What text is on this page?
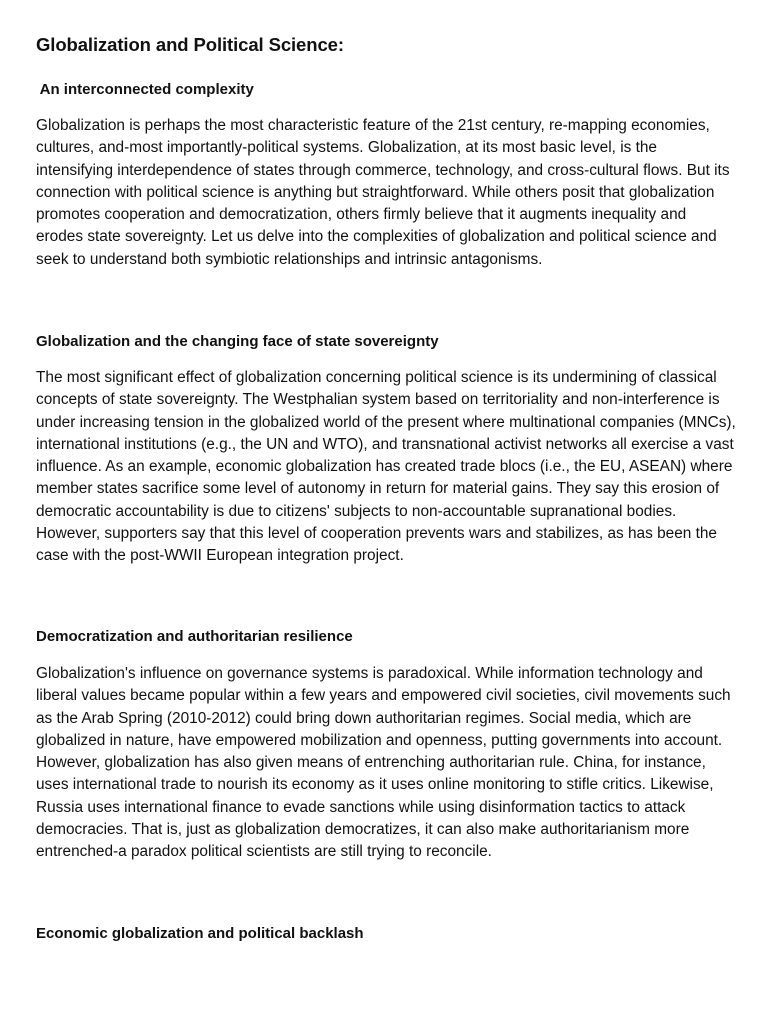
Globalization and Political Science:
An interconnected complexity

Globalization is perhaps the most characteristic feature of the 21st century, re-mapping economies, cultures, and-most importantly-political systems. Globalization, at its most basic level, is the intensifying interdependence of states through commerce, technology, and cross-cultural flows. But its connection with political science is anything but straightforward. While others posit that globalization promotes cooperation and democratization, others firmly believe that it augments inequality and erodes state sovereignty. Let us delve into the complexities of globalization and political science and seek to understand both symbiotic relationships and intrinsic antagonisms.

Globalization and the changing face of state sovereignty

The most significant effect of globalization concerning political science is its undermining of classical concepts of state sovereignty. The Westphalian system based on territoriality and non-interference is under increasing tension in the globalized world of the present where multinational companies (MNCs), international institutions (e.g., the UN and WTO), and transnational activist networks all exercise a vast influence. As an example, economic globalization has created trade blocs (i.e., the EU, ASEAN) where member states sacrifice some level of autonomy in return for material gains. They say this erosion of democratic accountability is due to citizens' subjects to non-accountable supranational bodies. However, supporters say that this level of cooperation prevents wars and stabilizes, as has been the case with the post-WWII European integration project.

Democratization and authoritarian resilience

Globalization's influence on governance systems is paradoxical. While information technology and liberal values became popular within a few years and empowered civil societies, civil movements such as the Arab Spring (2010-2012) could bring down authoritarian regimes. Social media, which are globalized in nature, have empowered mobilization and openness, putting governments into account. However, globalization has also given means of entrenching authoritarian rule. China, for instance, uses international trade to nourish its economy as it uses online monitoring to stifle critics. Likewise, Russia uses international finance to evade sanctions while using disinformation tactics to attack democracies. That is, just as globalization democratizes, it can also make authoritarianism more entrenched-a paradox political scientists are still trying to reconcile.

Economic globalization and political backlash
